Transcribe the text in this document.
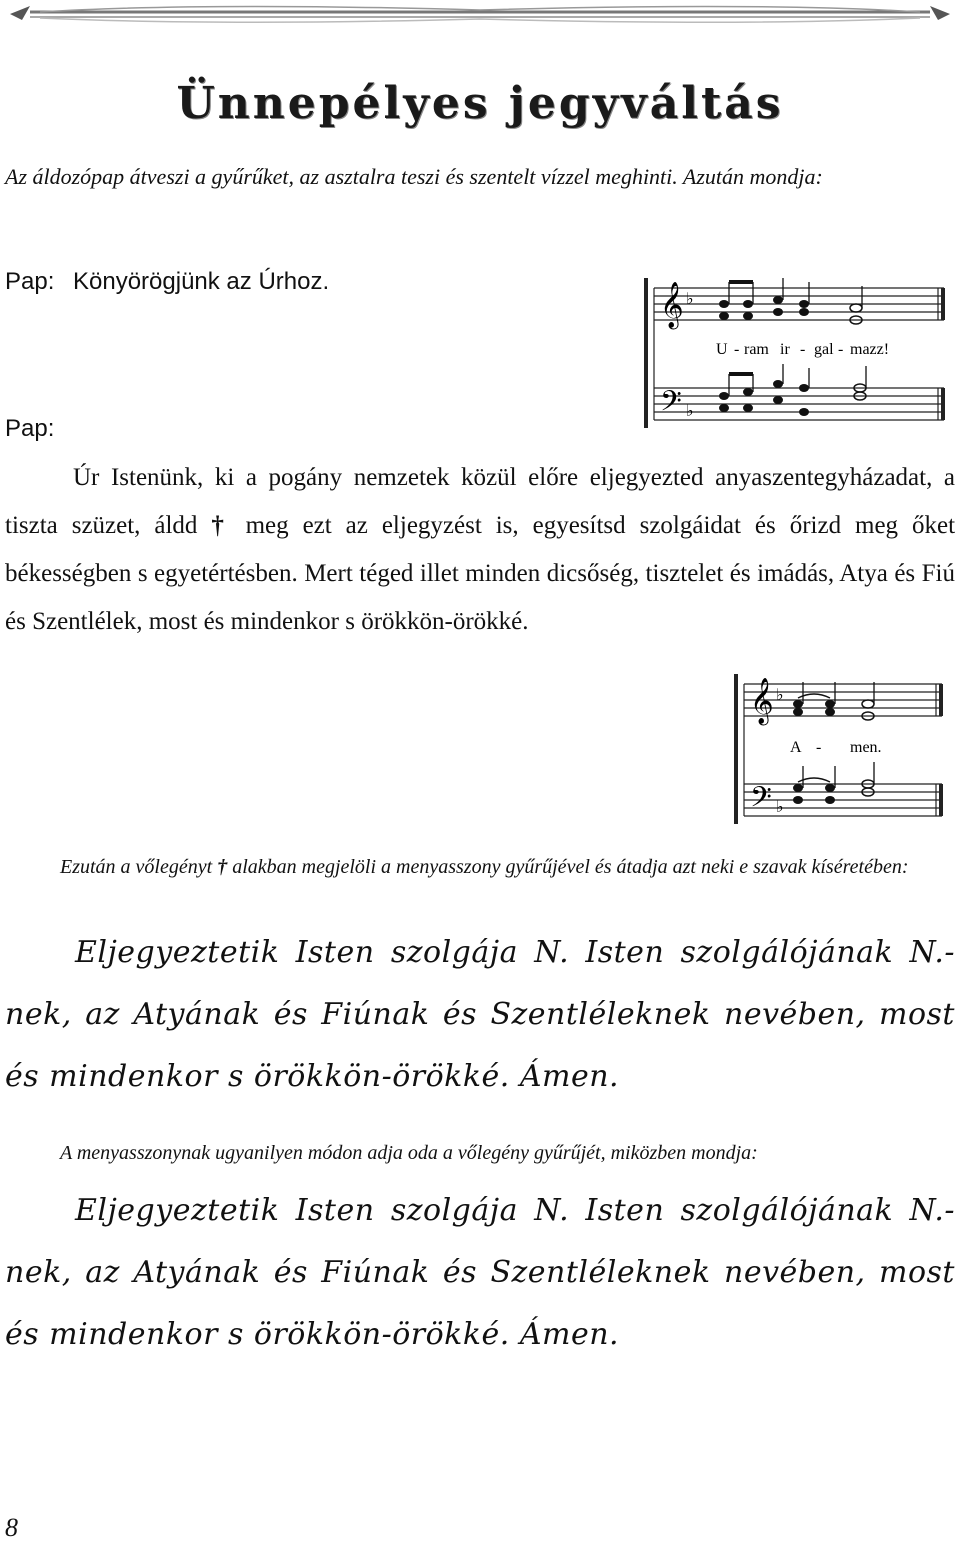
Ünnepélyes jegyváltás
Az áldozópap átveszi a gyűrűket, az asztalra teszi és szentelt vízzel meghinti. Azután mondja:
Pap: Könyörögjünk az Úrhoz.
𝄞
𝄢
♭
♭
U - ram ir - gal - mazz!
Pap:
Úr Istenünk, ki a pogány nemzetek közül előre eljegyezted anyaszentegyházadat, a tiszta szüzet, áldd † meg ezt az eljegyzést is, egyesítsd szolgáidat és őrizd meg őket békességben s egyetértésben. Mert téged illet minden dicsőség, tisztelet és imádás, Atya és Fiú és Szentlélek, most és mindenkor s örökkön-örökké.
𝄞
𝄢
♭
♭
A - men.
Ezután a vőlegényt † alakban megjelöli a menyasszony gyűrűjével és átadja azt neki e szavak kíséretében:
Eljegyeztetik Isten szolgája N. Isten szolgálójának N.-nek, az Atyának és Fiúnak és Szentléleknek nevében, most és mindenkor s örökkön-örökké. Ámen.
A menyasszonynak ugyanilyen módon adja oda a vőlegény gyűrűjét, miközben mondja:
Eljegyeztetik Isten szolgája N. Isten szolgálójának N.-nek, az Atyának és Fiúnak és Szentléleknek nevében, most és mindenkor s örökkön-örökké. Ámen.
8
